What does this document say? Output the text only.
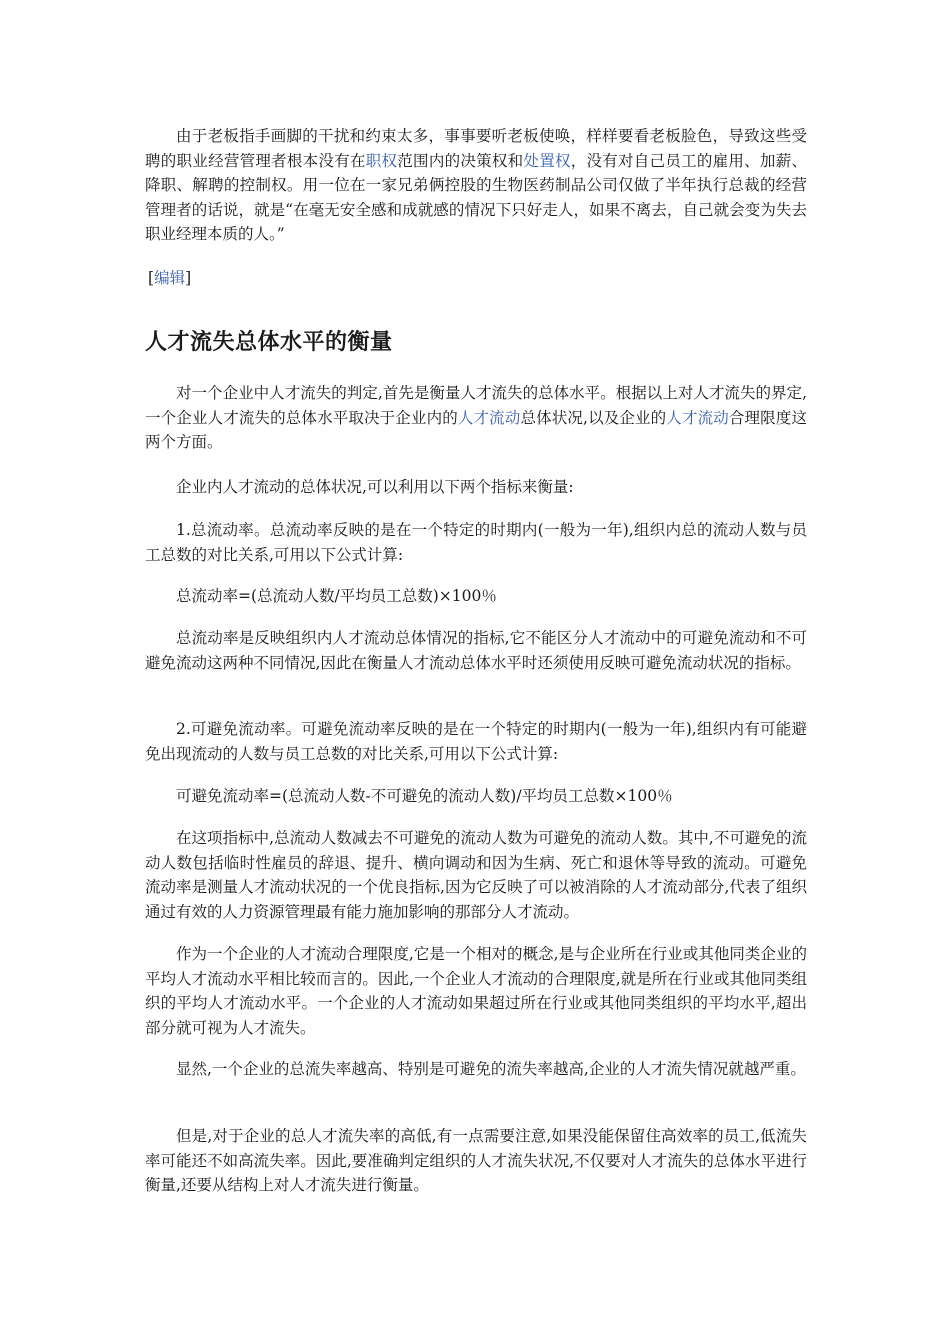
由于老板指手画脚的干扰和约束太多，事事要听老板使唤，样样要看老板脸色，导致这些受聘的职业经营管理者根本没有在职权范围内的决策权和处置权，没有对自己员工的雇用、加薪、降职、解聘的控制权。用一位在一家兄弟俩控股的生物医药制品公司仅做了半年执行总裁的经营管理者的话说，就是“在毫无安全感和成就感的情况下只好走人，如果不离去，自己就会变为失去职业经理本质的人。”

[编辑]
人才流失总体水平的衡量

对一个企业中人才流失的判定,首先是衡量人才流失的总体水平。根据以上对人才流失的界定,一个企业人才流失的总体水平取决于企业内的人才流动总体状况,以及企业的人才流动合理限度这两个方面。

企业内人才流动的总体状况,可以利用以下两个指标来衡量:

1.总流动率。总流动率反映的是在一个特定的时期内(一般为一年),组织内总的流动人数与员工总数的对比关系,可用以下公式计算:

总流动率=(总流动人数/平均员工总数)×100％

总流动率是反映组织内人才流动总体情况的指标,它不能区分人才流动中的可避免流动和不可避免流动这两种不同情况,因此在衡量人才流动总体水平时还须使用反映可避免流动状况的指标。

2.可避免流动率。可避免流动率反映的是在一个特定的时期内(一般为一年),组织内有可能避免出现流动的人数与员工总数的对比关系,可用以下公式计算:

可避免流动率=(总流动人数-不可避免的流动人数)/平均员工总数×100％

在这项指标中,总流动人数减去不可避免的流动人数为可避免的流动人数。其中,不可避免的流动人数包括临时性雇员的辞退、提升、横向调动和因为生病、死亡和退休等导致的流动。可避免流动率是测量人才流动状况的一个优良指标,因为它反映了可以被消除的人才流动部分,代表了组织通过有效的人力资源管理最有能力施加影响的那部分人才流动。

作为一个企业的人才流动合理限度,它是一个相对的概念,是与企业所在行业或其他同类企业的平均人才流动水平相比较而言的。因此,一个企业人才流动的合理限度,就是所在行业或其他同类组织的平均人才流动水平。一个企业的人才流动如果超过所在行业或其他同类组织的平均水平,超出部分就可视为人才流失。

显然,一个企业的总流失率越高、特别是可避免的流失率越高,企业的人才流失情况就越严重。

但是,对于企业的总人才流失率的高低,有一点需要注意,如果没能保留住高效率的员工,低流失率可能还不如高流失率。因此,要准确判定组织的人才流失状况,不仅要对人才流失的总体水平进行衡量,还要从结构上对人才流失进行衡量。
